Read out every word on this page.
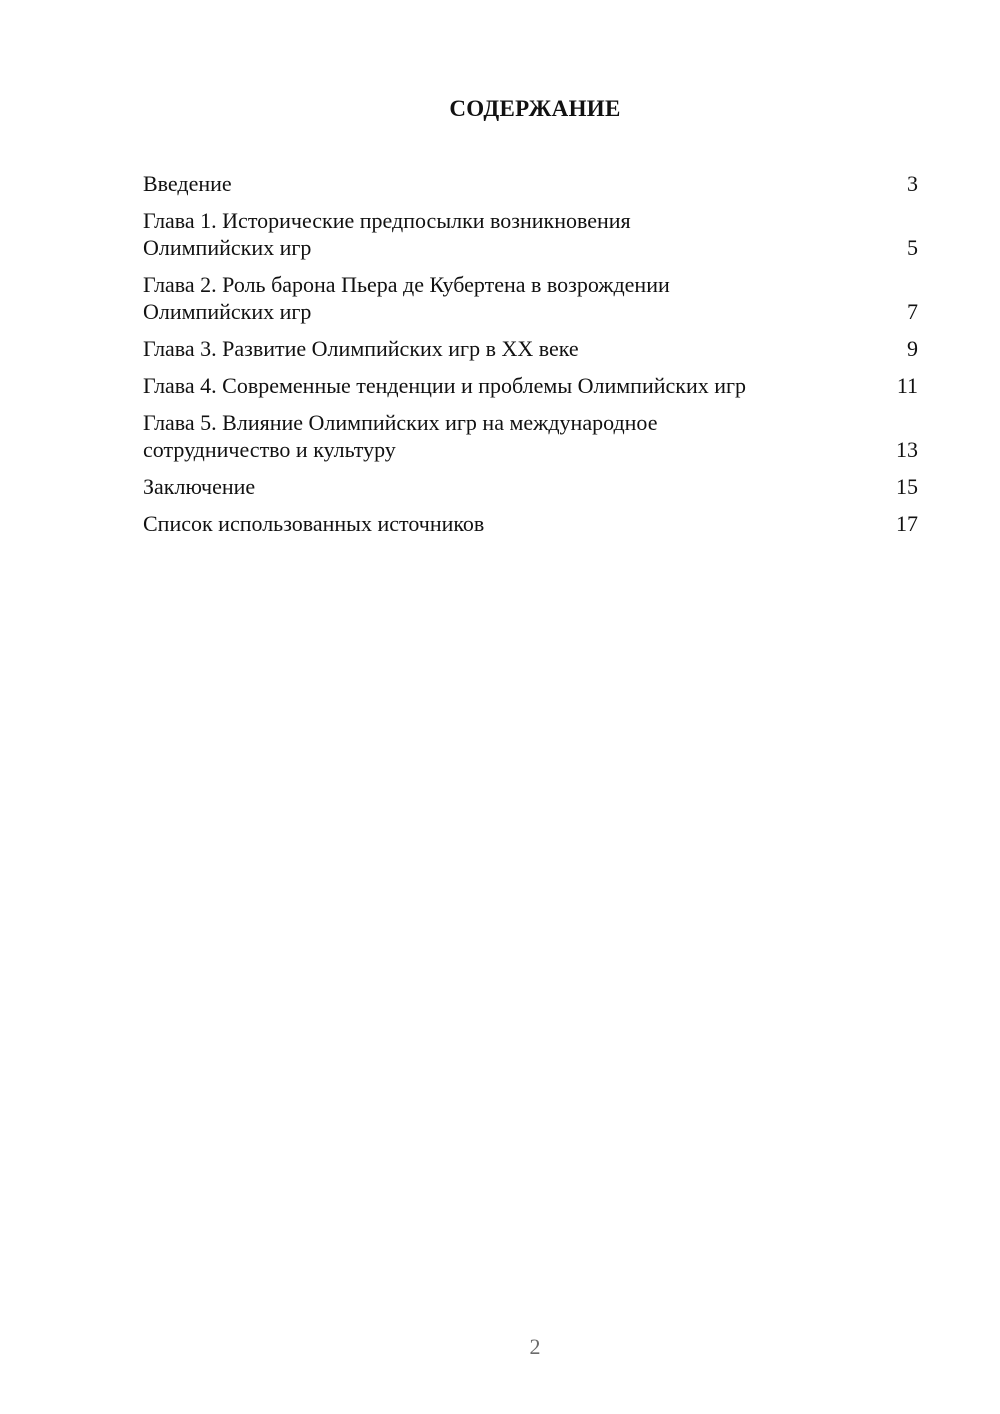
СОДЕРЖАНИЕ
Введение	3
Глава 1. Исторические предпосылки возникновения
Олимпийских игр	5
Глава 2. Роль барона Пьера де Кубертена в возрождении
Олимпийских игр	7
Глава 3. Развитие Олимпийских игр в XX веке	9
Глава 4. Современные тенденции и проблемы Олимпийских игр	11
Глава 5. Влияние Олимпийских игр на международное
сотрудничество и культуру	13
Заключение	15
Список использованных источников	17
2
